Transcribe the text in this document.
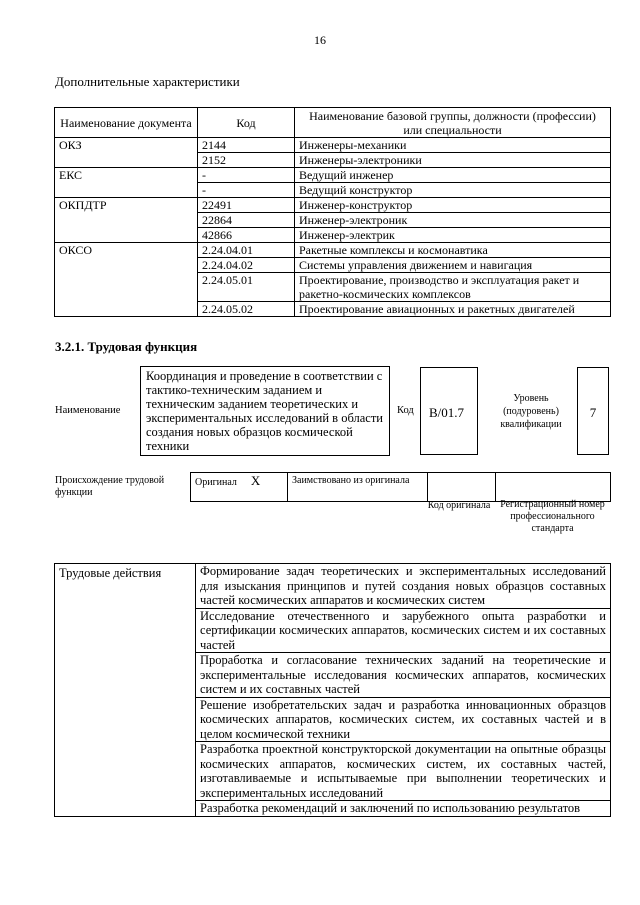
16
Дополнительные характеристики
Наименование документа	Код	Наименование базовой группы, должности (профессии) или специальности
ОКЗ	2144	Инженеры-механики
	2152	Инженеры-электроники
ЕКС	-	Ведущий инженер
	-	Ведущий конструктор
ОКПДТР	22491	Инженер-конструктор
	22864	Инженер-электроник
	42866	Инженер-электрик
ОКСО	2.24.04.01	Ракетные комплексы и космонавтика
	2.24.04.02	Системы управления движением и навигация
	2.24.05.01	Проектирование, производство и эксплуатация ракет и ракетно-космических комплексов
	2.24.05.02	Проектирование авиационных и ракетных двигателей
3.2.1. Трудовая функция
Наименование
Координация и проведение в соответствии с тактико-техническим заданием и техническим заданием теоретических и экспериментальных исследований в области создания новых образцов космической техники
Код	В/01.7
Уровень (подуровень) квалификации
7
Происхождение трудовой функции
Оригинал X	Заимствовано из оригинала		
Код оригинала Регистрационный номер профессионального стандарта
Трудовые действия	Формирование задач теоретических и экспериментальных исследований для изыскания принципов и путей создания новых образцов составных частей космических аппаратов и космических систем
Исследование отечественного и зарубежного опыта разработки и сертификации космических аппаратов, космических систем и их составных частей
Проработка и согласование технических заданий на теоретические и экспериментальные исследования космических аппаратов, космических систем и их составных частей
Решение изобретательских задач и разработка инновационных образцов космических аппаратов, космических систем, их составных частей и в целом космической техники
Разработка проектной конструкторской документации на опытные образцы космических аппаратов, космических систем, их составных частей, изготавливаемые и испытываемые при выполнении теоретических и экспериментальных исследований
Разработка рекомендаций и заключений по использованию результатов
